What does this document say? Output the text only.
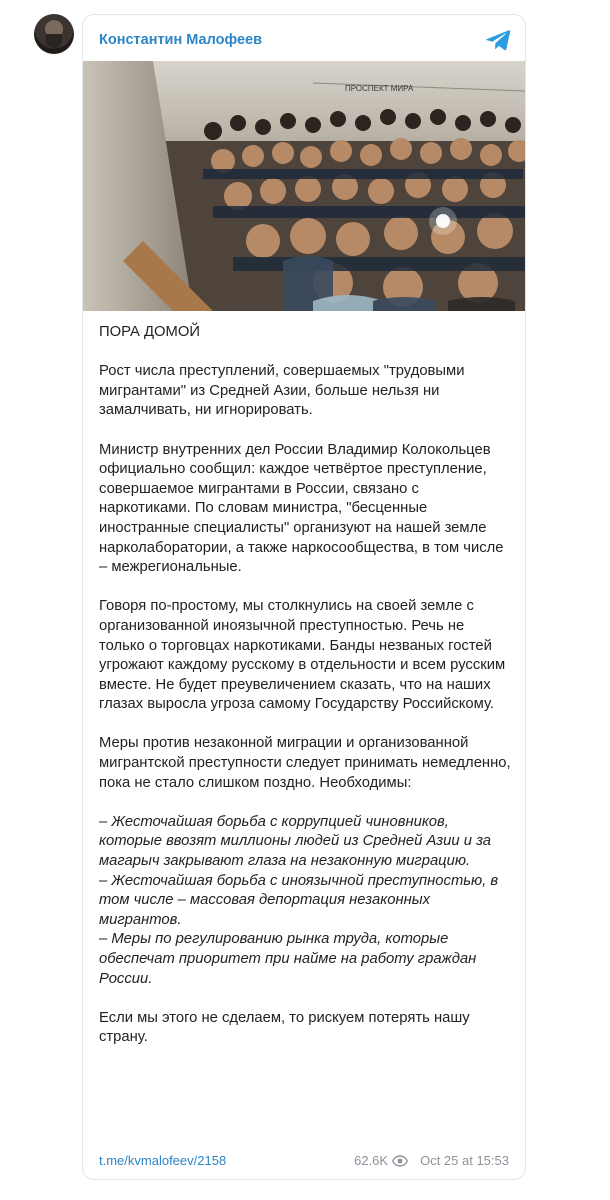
Константин Малофеев
ПРОСПЕКТ МИРА

ПОРА ДОМОЙ

Рост числа преступлений, совершаемых "трудовыми мигрантами" из Средней Азии, больше нельзя ни замалчивать, ни игнорировать.

Министр внутренних дел России Владимир Колокольцев официально сообщил: каждое четвёртое преступление, совершаемое мигрантами в России, связано с наркотиками. По словам министра, "бесценные иностранные специалисты" организуют на нашей земле нарколаборатории, а также наркосообщества, в том числе – межрегиональные.

Говоря по-простому, мы столкнулись на своей земле с организованной иноязычной преступностью. Речь не только о торговцах наркотиками. Банды незваных гостей угрожают каждому русскому в отдельности и всем русским вместе. Не будет преувеличением сказать, что на наших глазах выросла угроза самому Государству Российскому.

Меры против незаконной миграции и организованной мигрантской преступности следует принимать немедленно, пока не стало слишком поздно. Необходимы:

– Жесточайшая борьба с коррупцией чиновников, которые ввозят миллионы людей из Средней Азии и за магарыч закрывают глаза на незаконную миграцию.

– Жесточайшая борьба с иноязычной преступностью, в том числе – массовая депортация незаконных мигрантов.

– Меры по регулированию рынка труда, которые обеспечат приоритет при найме на работу граждан России.

Если мы этого не сделаем, то рискуем потерять нашу страну.

t.me/kvmalofeev/2158	62.6K Oct 25 at 15:53
